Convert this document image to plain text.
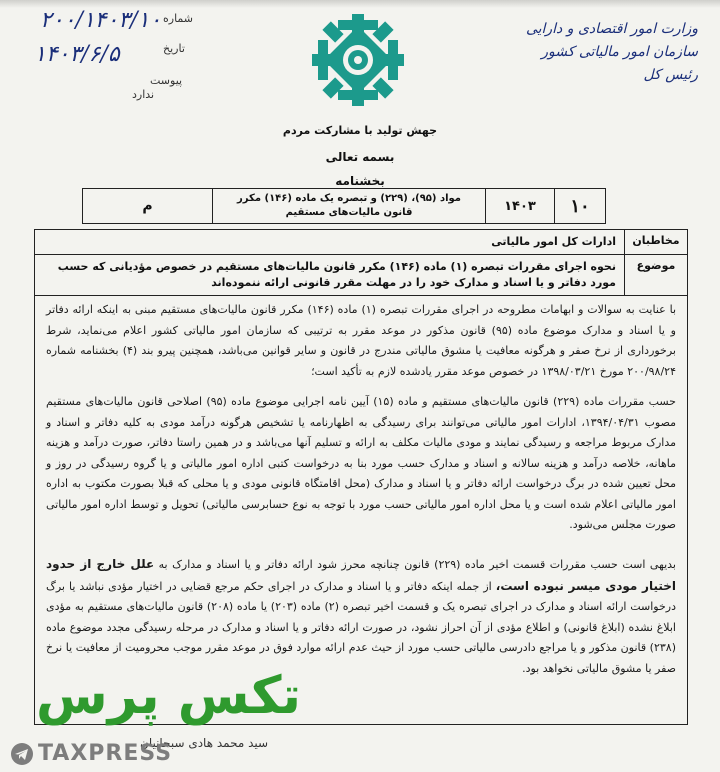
۲۰۰/۱۴۰۳/۱۰ شماره
۱۴۰۳/۶/۵	تاریخ
پیوست
ندارد
وزارت امور اقتصادی و دارایی
سازمان امور مالیاتی کشور
رئیس کل
جهش تولید با مشارکت مردم
بسمه تعالی
بخشنامه
۱۰
۱۴۰۳
مواد (۹۵)، (۲۲۹) و تبصره یک ماده (۱۴۶) مکرر
قانون مالیات‌های مستقیم
م
مخاطبان
ادارات کل امور مالیاتی
موضوع
نحوه اجرای مقررات تبصره (۱) ماده (۱۴۶) مکرر قانون مالیات‌های مستقیم در خصوص مؤدیانی که حسب مورد دفاتر و یا اسناد و مدارک خود را در مهلت مقرر قانونی ارائه ننموده‌اند
با عنایت به سوالات و ابهامات مطروحه در اجرای مقررات تبصره (۱) ماده (۱۴۶) مکرر قانون مالیات‌های مستقیم مبنی به اینکه ارائه دفاتر و یا اسناد و مدارک موضوع ماده (۹۵) قانون مذکور در موعد مقرر به ترتیبی که سازمان امور مالیاتی کشور اعلام می‌نماید، شرط برخورداری از نرخ صفر و هرگونه معافیت یا مشوق مالیاتی مندرج در قانون و سایر قوانین می‌باشد، همچنین پیرو بند (۴) بخشنامه شماره ۲۰۰/۹۸/۲۴ مورخ ۱۳۹۸/۰۳/۲۱ در خصوص موعد مقرر یادشده لازم به تأکید است؛
حسب مقررات ماده (۲۲۹) قانون مالیات‌های مستقیم و ماده (۱۵) آیین نامه اجرایی موضوع ماده (۹۵) اصلاحی قانون مالیات‌های مستقیم مصوب ۱۳۹۴/۰۴/۳۱، ادارات امور مالیاتی می‌توانند برای رسیدگی به اظهارنامه یا تشخیص هرگونه درآمد مودی به کلیه دفاتر و اسناد و مدارک مربوط مراجعه و رسیدگی نمایند و مودی مالیات مکلف به ارائه و تسلیم آنها می‌باشد و در همین راستا دفاتر، صورت درآمد و هزینه ماهانه، خلاصه درآمد و هزینه سالانه و اسناد و مدارک حسب مورد بنا به درخواست کتبی اداره امور مالیاتی و یا گروه رسیدگی در روز و محل تعیین شده در برگ درخواست ارائه دفاتر و یا اسناد و مدارک (محل اقامتگاه قانونی مودی و یا محلی که قبلا بصورت مکتوب به اداره امور مالیاتی اعلام شده است و یا محل اداره امور مالیاتی حسب مورد با توجه به نوع حسابرسی مالیاتی) تحویل و توسط اداره امور مالیاتی صورت مجلس می‌شود.
بدیهی است حسب مقررات قسمت اخیر ماده (۲۲۹) قانون چنانچه محرز شود ارائه دفاتر و یا اسناد و مدارک به علل خارج از حدود اختیار مودی میسر نبوده است، از جمله اینکه دفاتر و یا اسناد و مدارک در اجرای حکم مرجع قضایی در اختیار مؤدی نباشد یا برگ درخواست ارائه اسناد و مدارک در اجرای تبصره یک و قسمت اخیر تبصره (۲) ماده (۲۰۳) یا ماده (۲۰۸) قانون مالیات‌های مستقیم به مؤدی ابلاغ نشده (ابلاغ قانونی) و اطلاع مؤدی از آن احراز نشود، در صورت ارائه دفاتر و یا اسناد و مدارک در مرحله رسیدگی مجدد موضوع ماده (۲۳۸) قانون مذکور و یا مراجع دادرسی مالیاتی حسب مورد از حیث عدم ارائه موارد فوق در موعد مقرر موجب محرومیت از معافیت یا نرخ صفر یا مشوق مالیاتی نخواهد بود.
سید محمد هادی سبحانیان
تکس پرس
TAXPRESS
